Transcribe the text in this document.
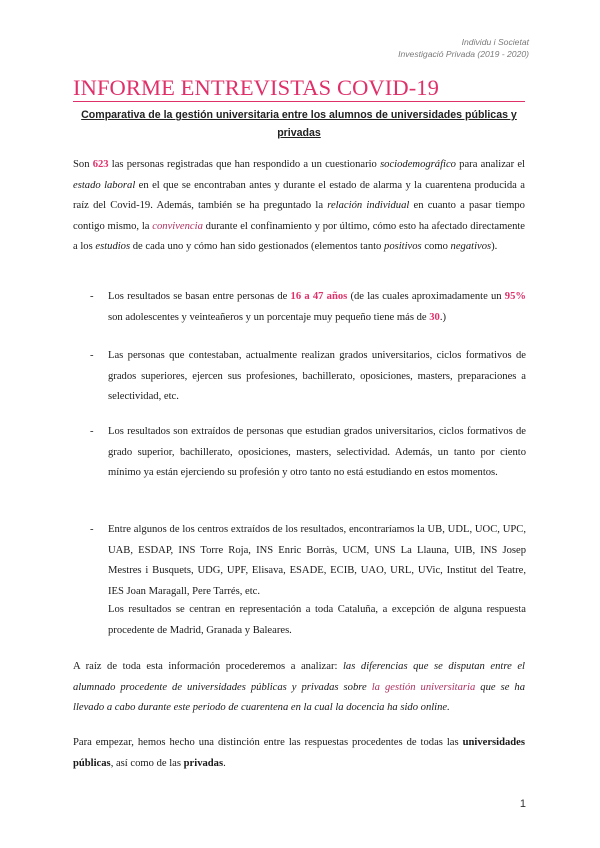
Individu i Societat
Investigació Privada (2019 - 2020)
INFORME ENTREVISTAS COVID-19
Comparativa de la gestión universitaria entre los alumnos de universidades públicas y privadas
Son 623 las personas registradas que han respondido a un cuestionario sociodemográfico para analizar el estado laboral en el que se encontraban antes y durante el estado de alarma y la cuarentena producida a raíz del Covid-19. Además, también se ha preguntado la relación individual en cuanto a pasar tiempo contigo mismo, la convivencia durante el confinamiento y por último, cómo esto ha afectado directamente a los estudios de cada uno y cómo han sido gestionados (elementos tanto positivos como negativos).
- Los resultados se basan entre personas de 16 a 47 años (de las cuales aproximadamente un 95% son adolescentes y veinteañeros y un porcentaje muy pequeño tiene más de 30.)
- Las personas que contestaban, actualmente realizan grados universitarios, ciclos formativos de grados superiores, ejercen sus profesiones, bachillerato, oposiciones, masters, preparaciones a selectividad, etc.
- Los resultados son extraídos de personas que estudian grados universitarios, ciclos formativos de grado superior, bachillerato, oposiciones, masters, selectividad. Además, un tanto por ciento mínimo ya están ejerciendo su profesión y otro tanto no está estudiando en estos momentos.
- Entre algunos de los centros extraídos de los resultados, encontraríamos la UB, UDL, UOC, UPC, UAB, ESDAP, INS Torre Roja, INS Enric Borràs, UCM, UNS La Llauna, UIB, INS Josep Mestres i Busquets, UDG, UPF, Elisava, ESADE, ECIB, UAO, URL, UVic, Institut del Teatre, IES Joan Maragall, Pere Tarrés, etc.
Los resultados se centran en representación a toda Cataluña, a excepción de alguna respuesta procedente de Madrid, Granada y Baleares.
A raíz de toda esta información procederemos a analizar: las diferencias que se disputan entre el alumnado procedente de universidades públicas y privadas sobre la gestión universitaria que se ha llevado a cabo durante este periodo de cuarentena en la cual la docencia ha sido online.
Para empezar, hemos hecho una distinción entre las respuestas procedentes de todas las universidades públicas, así como de las privadas.
1
